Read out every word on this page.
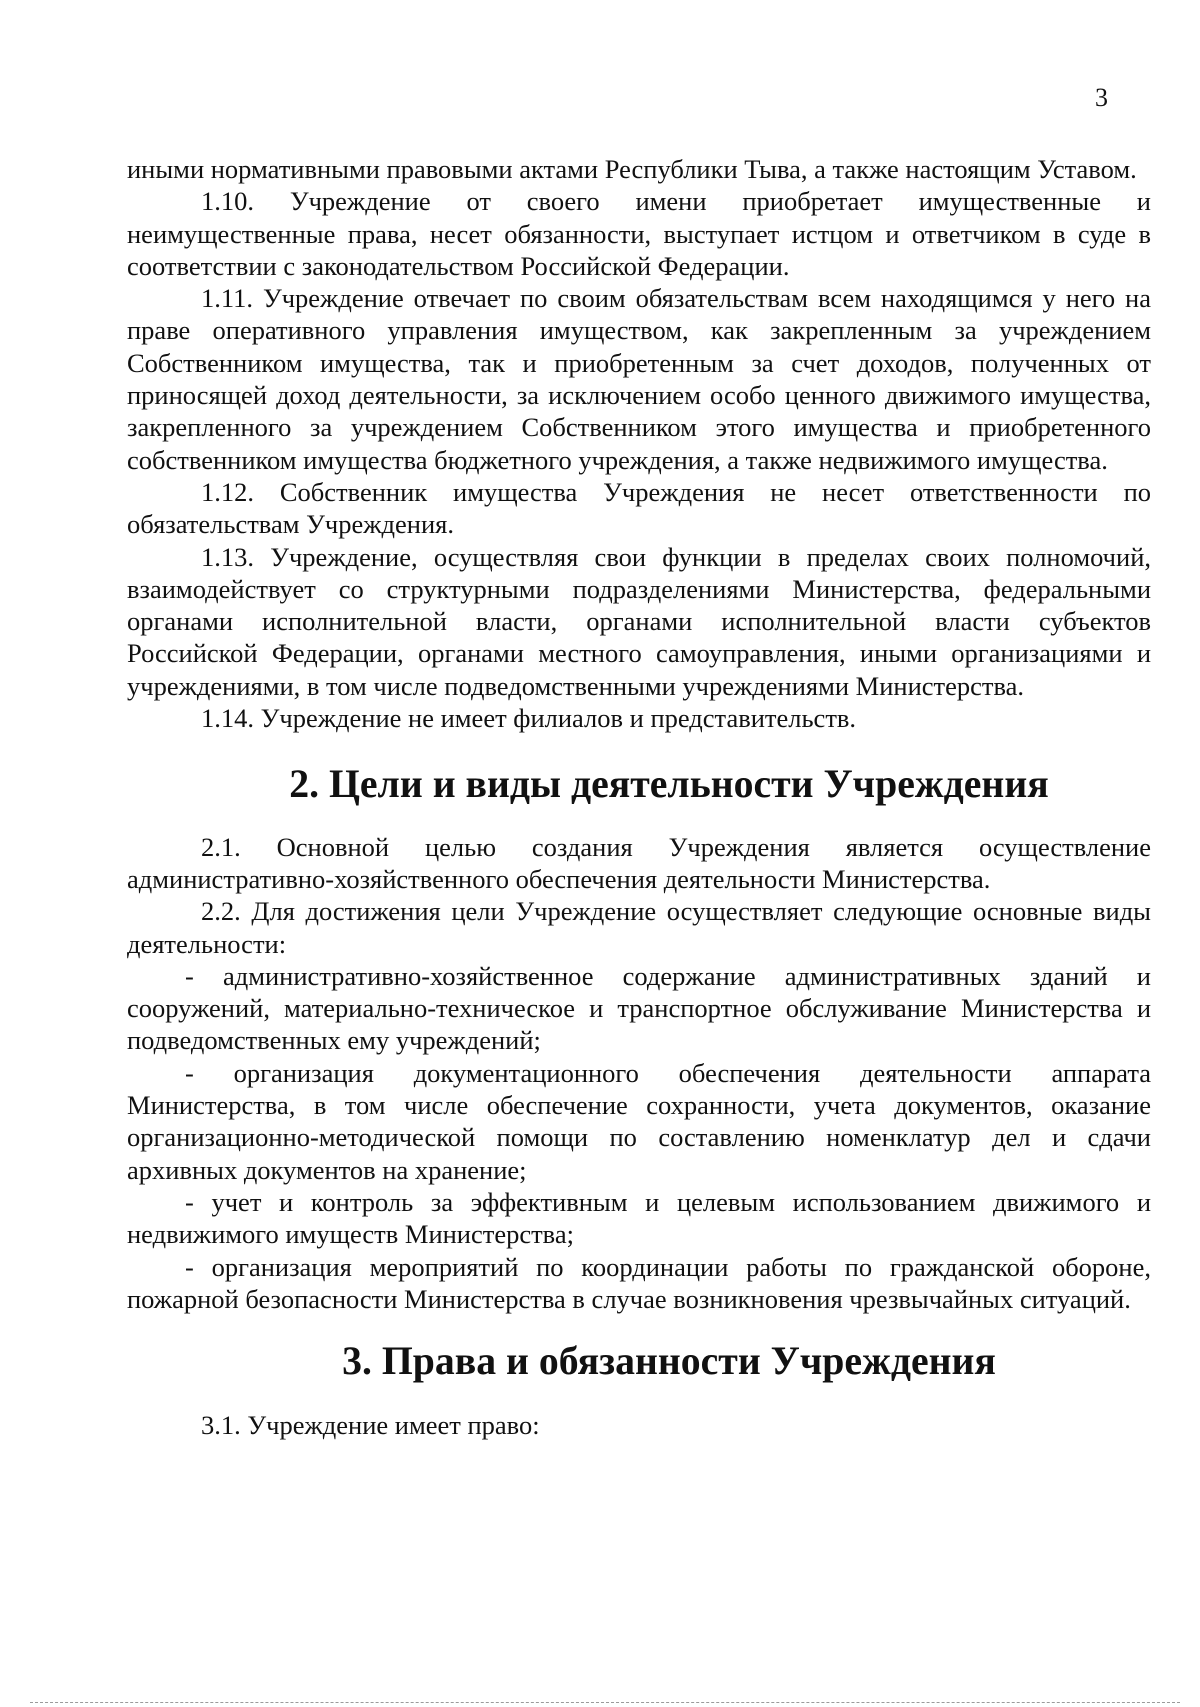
3

иными нормативными правовыми актами Республики Тыва, а также настоящим Уставом.

1.10. Учреждение от своего имени приобретает имущественные и неимущественные права, несет обязанности, выступает истцом и ответчиком в суде в соответствии с законодательством Российской Федерации.

1.11. Учреждение отвечает по своим обязательствам всем находящимся у него на праве оперативного управления имуществом, как закрепленным за учреждением Собственником имущества, так и приобретенным за счет доходов, полученных от приносящей доход деятельности, за исключением особо ценного движимого имущества, закрепленного за учреждением Собственником этого имущества и приобретенного собственником имущества бюджетного учреждения, а также недвижимого имущества.

1.12. Собственник имущества Учреждения не несет ответственности по обязательствам Учреждения.

1.13. Учреждение, осуществляя свои функции в пределах своих полномочий, взаимодействует со структурными подразделениями Министерства, федеральными органами исполнительной власти, органами исполнительной власти субъектов Российской Федерации, органами местного самоуправления, иными организациями и учреждениями, в том числе подведомственными учреждениями Министерства.

1.14. Учреждение не имеет филиалов и представительств.

2. Цели и виды деятельности Учреждения

2.1. Основной целью создания Учреждения является осуществление административно-хозяйственного обеспечения деятельности Министерства.

2.2. Для достижения цели Учреждение осуществляет следующие основные виды деятельности:

- административно-хозяйственное содержание административных зданий и сооружений, материально-техническое и транспортное обслуживание Министерства и подведомственных ему учреждений;

- организация документационного обеспечения деятельности аппарата Министерства, в том числе обеспечение сохранности, учета документов, оказание организационно-методической помощи по составлению номенклатур дел и сдачи архивных документов на хранение;

- учет и контроль за эффективным и целевым использованием движимого и недвижимого имуществ Министерства;

- организация мероприятий по координации работы по гражданской обороне, пожарной безопасности Министерства в случае возникновения чрезвычайных ситуаций.

3. Права и обязанности Учреждения

3.1. Учреждение имеет право:
